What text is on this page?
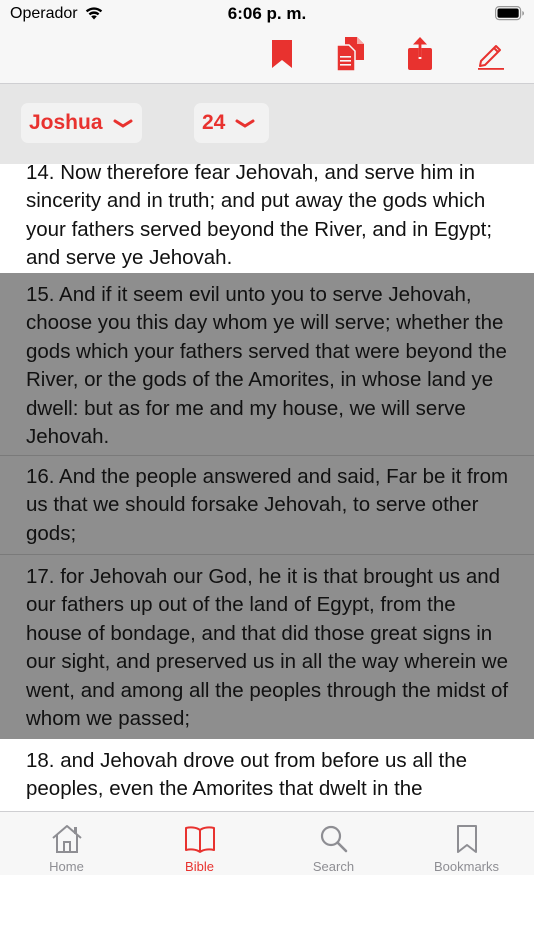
Operador	6:06 p. m.
Joshua	24
14. Now therefore fear Jehovah, and serve him in sincerity and in truth; and put away the gods which your fathers served beyond the River, and in Egypt; and serve ye Jehovah.
15. And if it seem evil unto you to serve Jehovah, choose you this day whom ye will serve; whether the gods which your fathers served that were beyond the River, or the gods of the Amorites, in whose land ye dwell: but as for me and my house, we will serve Jehovah.
16. And the people answered and said, Far be it from us that we should forsake Jehovah, to serve other gods;
17. for Jehovah our God, he it is that brought us and our fathers up out of the land of Egypt, from the house of bondage, and that did those great signs in our sight, and preserved us in all the way wherein we went, and among all the peoples through the midst of whom we passed;
18. and Jehovah drove out from before us all the peoples, even the Amorites that dwelt in the
Home	Bible	Search	Bookmarks
